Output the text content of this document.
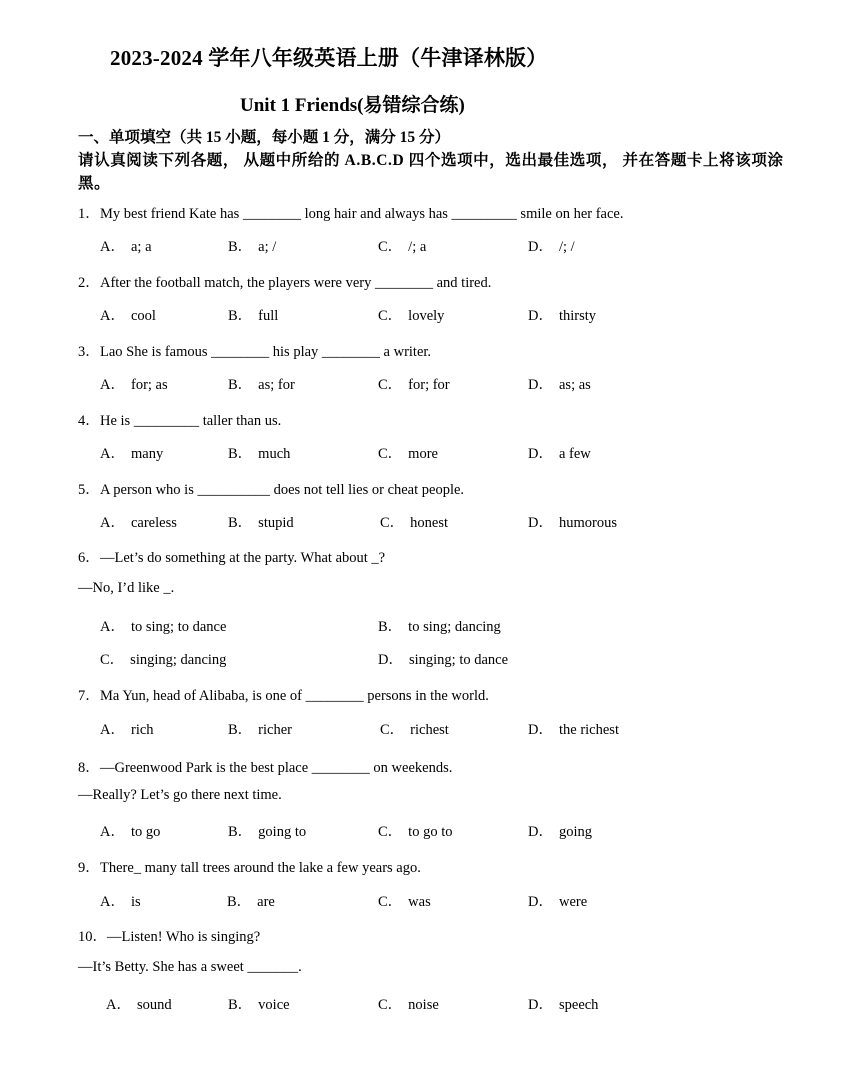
2023-2024 学年八年级英语上册（牛津译林版）
Unit 1 Friends(易错综合练)
一、单项填空（共 15 小题，每小题 1 分，满分 15 分）
请认真阅读下列各题， 从题中所给的 A.B.C.D 四个选项中，选出最佳选项， 并在答题卡上将该项涂黑。
1．My best friend Kate has ________ long hair and always has _________ smile on her face.
A． a; a	B． a; /	C． /; a	D． /; /
2．After the football match, the players were very ________ and tired.
A． cool	B． full	C． lovely	D． thirsty
3．Lao She is famous ________ his play ________ a writer.
A． for; as	B． as; for	C． for; for	D． as; as
4．He is _________ taller than us.
A． many	B． much	C． more	D． a few
5．A person who is __________ does not tell lies or cheat people.
A． careless	B． stupid	C． honest	D． humorous
6．—Let’s do something at the party. What about _?
—No, I’d like _.
A． to sing; to dance	B． to sing; dancing
C． singing; dancing	D． singing; to dance
7．Ma Yun, head of Alibaba, is one of ________ persons in the world.
A． rich	B． richer	C． richest	D． the richest
8．—Greenwood Park is the best place ________ on weekends.
—Really? Let’s go there next time.
A． to go	B． going to	C． to go to	D． going
9．There_ many tall trees around the lake a few years ago.
A． is	B． are	C． was	D． were
10．—Listen! Who is singing?
—It’s Betty. She has a sweet _______.
A． sound	B． voice	C． noise	D． speech
